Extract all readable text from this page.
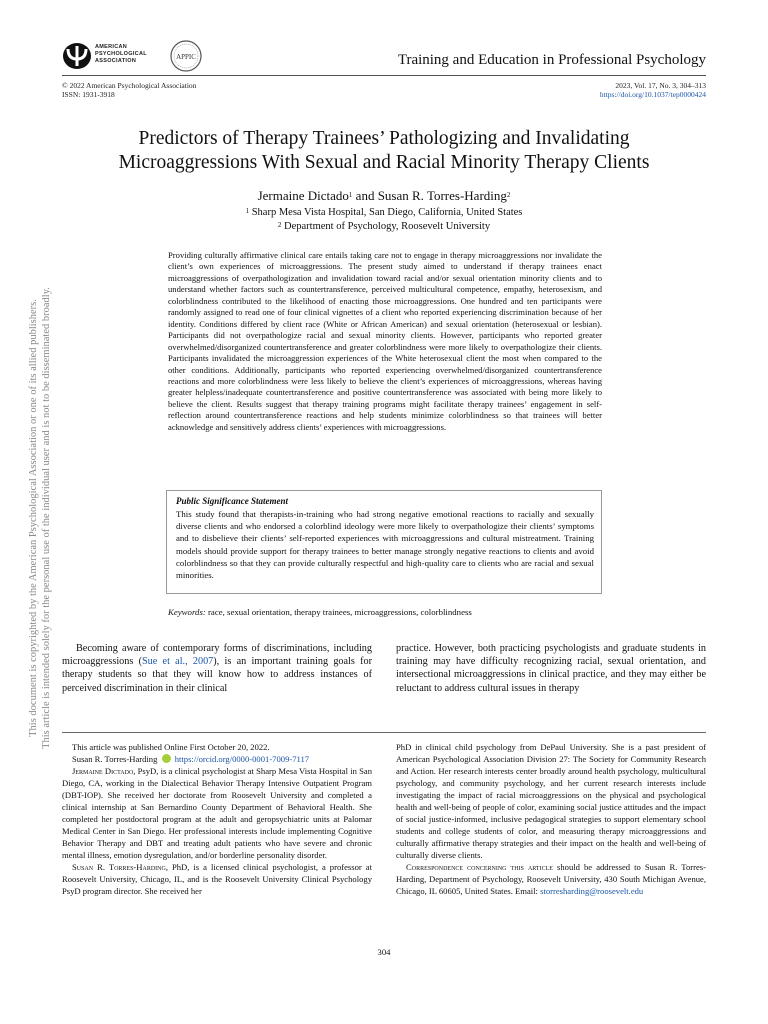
This document is copyrighted by the American Psychological Association or one of its allied publishers. This article is intended solely for the personal use of the individual user and is not to be disseminated broadly.
AMERICAN
PSYCHOLOGICAL
ASSOCIATION	APPIC	Training and Education in Professional Psychology
© 2022 American Psychological Association
ISSN: 1931-3918
2023, Vol. 17, No. 3, 304–313
https://doi.org/10.1037/tep0000424
Predictors of Therapy Trainees’ Pathologizing and Invalidating
Microaggressions With Sexual and Racial Minority Therapy Clients
Jermaine Dictado$^1$ and Susan R. Torres-Harding$^2$
$^1$ Sharp Mesa Vista Hospital, San Diego, California, United States
$^2$ Department of Psychology, Roosevelt University
Providing culturally affirmative clinical care entails taking care not to engage in therapy microaggressions nor invalidate the client’s own experiences of microaggressions. The present study aimed to understand if therapy trainees enact microaggressions of overpathologization and invalidation toward racial and/or sexual orientation minority clients and to understand whether factors such as countertransference, perceived multicultural competence, empathy, heterosexism, and colorblindness contributed to the likelihood of enacting those microaggressions. One hundred and ten participants were randomly assigned to read one of four clinical vignettes of a client who reported experiencing discrimination because of her identity. Conditions differed by client race (White or African American) and sexual orientation (heterosexual or lesbian). Participants did not overpathologize racial and sexual minority clients. However, participants who reported greater overwhelmed/disorganized countertransference and greater colorblindness were more likely to overpathologize their clients. Participants invalidated the microaggression experiences of the White heterosexual client the most when compared to the other conditions. Additionally, participants who reported experiencing overwhelmed/disorganized countertransference reactions and more colorblindness were less likely to believe the client’s experiences of microaggressions, whereas having greater helpless/inadequate countertransference and positive countertransference was associated with being more likely to believe the client. Results suggest that therapy training programs might facilitate therapy trainees’ engagement in self-reflection around countertransference reactions and help students minimize colorblindness so that trainees will better acknowledge and sensitively address clients’ experiences with microaggressions.
Public Significance Statement
This study found that therapists-in-training who had strong negative emotional reactions to racially and sexually diverse clients and who endorsed a colorblind ideology were more likely to overpathologize their clients’ symptoms and to disbelieve their clients’ self-reported experiences with microaggressions and cultural mistreatment. Training models should provide support for therapy trainees to better manage strongly negative reactions to clients and avoid colorblindness so that they can provide culturally respectful and high-quality care to clients who are racial and sexual minorities.
Keywords: race, sexual orientation, therapy trainees, microaggressions, colorblindness
Becoming aware of contemporary forms of discriminations, including microaggressions (Sue et al., 2007), is an important training goals for therapy students so that they will know how to address instances of perceived discrimination in their clinical
practice. However, both practicing psychologists and graduate students in training may have difficulty recognizing racial, sexual orientation, and intersectional microaggressions in clinical practice, and they may either be reluctant to address cultural issues in therapy

This article was published Online First October 20, 2022.

Susan R. Torres-Harding https://orcid.org/0000-0001-7009-7117

Jermaine Dictado, PsyD, is a clinical psychologist at Sharp Mesa Vista Hospital in San Diego, CA, working in the Dialectical Behavior Therapy Intensive Outpatient Program (DBT-IOP). She received her doctorate from Roosevelt University and completed a clinical internship at San Bernardino County Department of Behavioral Health. She completed her postdoctoral program at the adult and geropsychiatric units at Palomar Medical Center in San Diego. Her professional interests include implementing Cognitive Behavior Therapy and DBT and treating adult patients who have severe and chronic mental illness, emotion dysregulation, and/or borderline personality disorder.

Susan R. Torres-Harding, PhD, is a licensed clinical psychologist, a professor at Roosevelt University, Chicago, IL, and is the Roosevelt University Clinical Psychology PsyD program director. She received her

PhD in clinical child psychology from DePaul University. She is a past president of American Psychological Association Division 27: The Society for Community Research and Action. Her research interests center broadly around health psychology, multicultural psychology, and community psychology, and her current research interests include investigating the impact of racial microaggressions on the physical and psychological health and well-being of people of color, examining social justice attitudes and the impact of social justice-informed, inclusive pedagogical strategies to support elementary school students and college students of color, and measuring therapy microaggressions and culturally affirmative therapy strategies and their impact on the health and well-being of culturally diverse clients.

Correspondence concerning this article should be addressed to Susan R. Torres-Harding, Department of Psychology, Roosevelt University, 430 South Michigan Avenue, Chicago, IL 60605, United States. Email: storresharding@roosevelt.edu

304
